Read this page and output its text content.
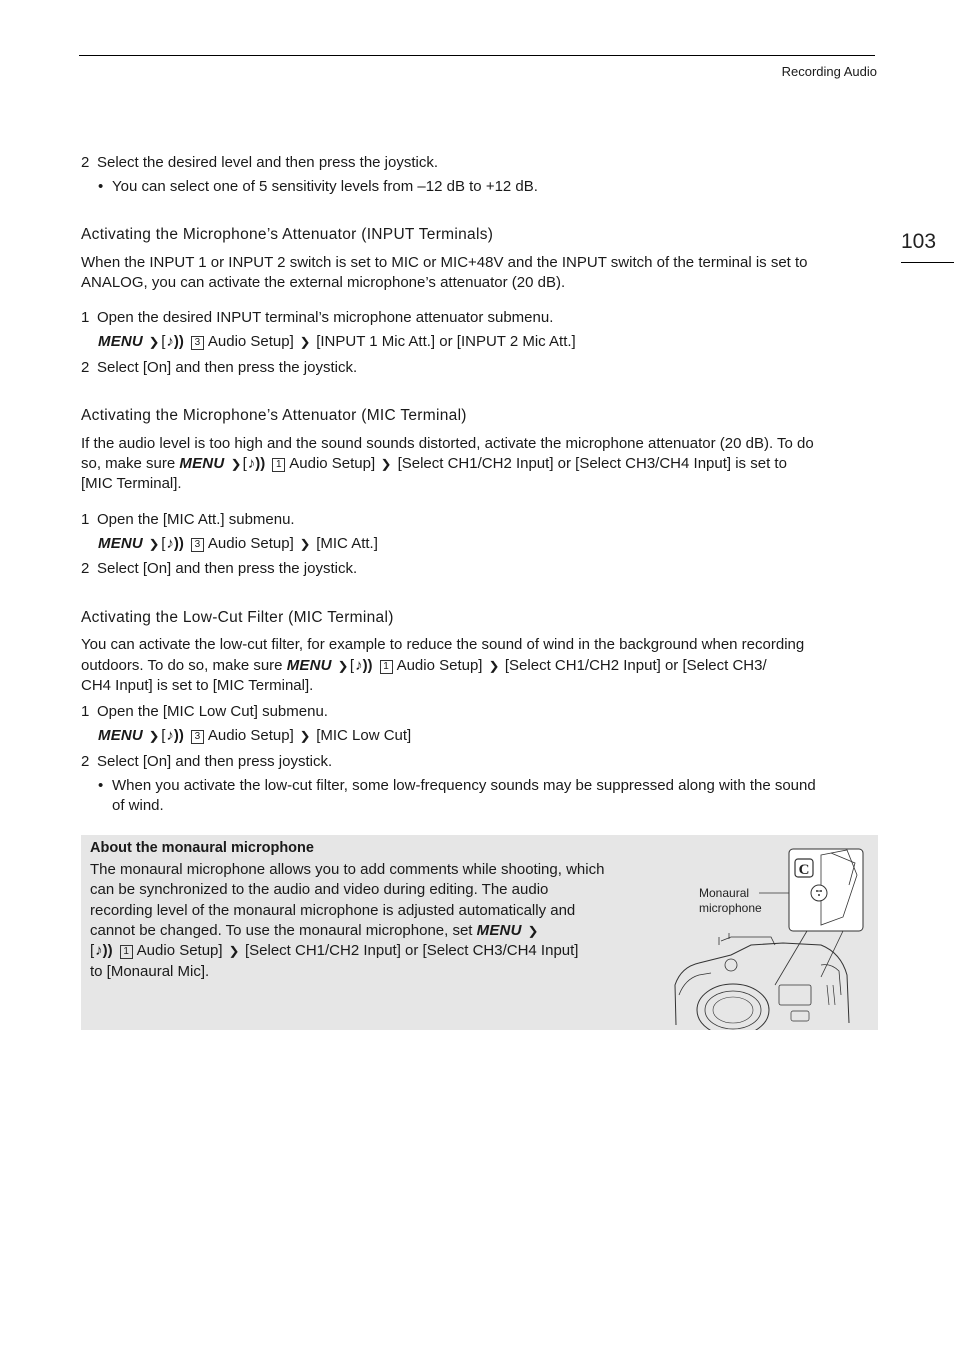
Recording Audio
103
2 Select the desired level and then press the joystick.
• You can select one of 5 sensitivity levels from –12 dB to +12 dB.
Activating the Microphone’s Attenuator (INPUT Terminals)
When the INPUT 1 or INPUT 2 switch is set to MIC or MIC+48V and the INPUT switch of the terminal is set to
ANALOG, you can activate the external microphone’s attenuator (20 dB).
1 Open the desired INPUT terminal’s microphone attenuator submenu.
MENU ❯[♪)) 3 Audio Setup] ❯ [INPUT 1 Mic Att.] or [INPUT 2 Mic Att.]
2 Select [On] and then press the joystick.
Activating the Microphone’s Attenuator (MIC Terminal)
If the audio level is too high and the sound sounds distorted, activate the microphone attenuator (20 dB). To do
so, make sure MENU ❯[♪)) 1 Audio Setup] ❯ [Select CH1/CH2 Input] or [Select CH3/CH4 Input] is set to
[MIC Terminal].
1 Open the [MIC Att.] submenu.
MENU ❯[♪)) 3 Audio Setup] ❯ [MIC Att.]
2 Select [On] and then press the joystick.
Activating the Low-Cut Filter (MIC Terminal)
You can activate the low-cut filter, for example to reduce the sound of wind in the background when recording
outdoors. To do so, make sure MENU ❯[♪)) 1 Audio Setup] ❯ [Select CH1/CH2 Input] or [Select CH3/
CH4 Input] is set to [MIC Terminal].
1 Open the [MIC Low Cut] submenu.
MENU ❯[♪)) 3 Audio Setup] ❯ [MIC Low Cut]
2 Select [On] and then press joystick.
• When you activate the low-cut filter, some low-frequency sounds may be suppressed along with the sound
of wind.
About the monaural microphone
The monaural microphone allows you to add comments while shooting, which
can be synchronized to the audio and video during editing. The audio
recording level of the monaural microphone is adjusted automatically and
cannot be changed. To use the monaural microphone, set MENU ❯
[♪)) 1 Audio Setup] ❯ [Select CH1/CH2 Input] or [Select CH3/CH4 Input]
to [Monaural Mic].
Monaural
microphone
C
